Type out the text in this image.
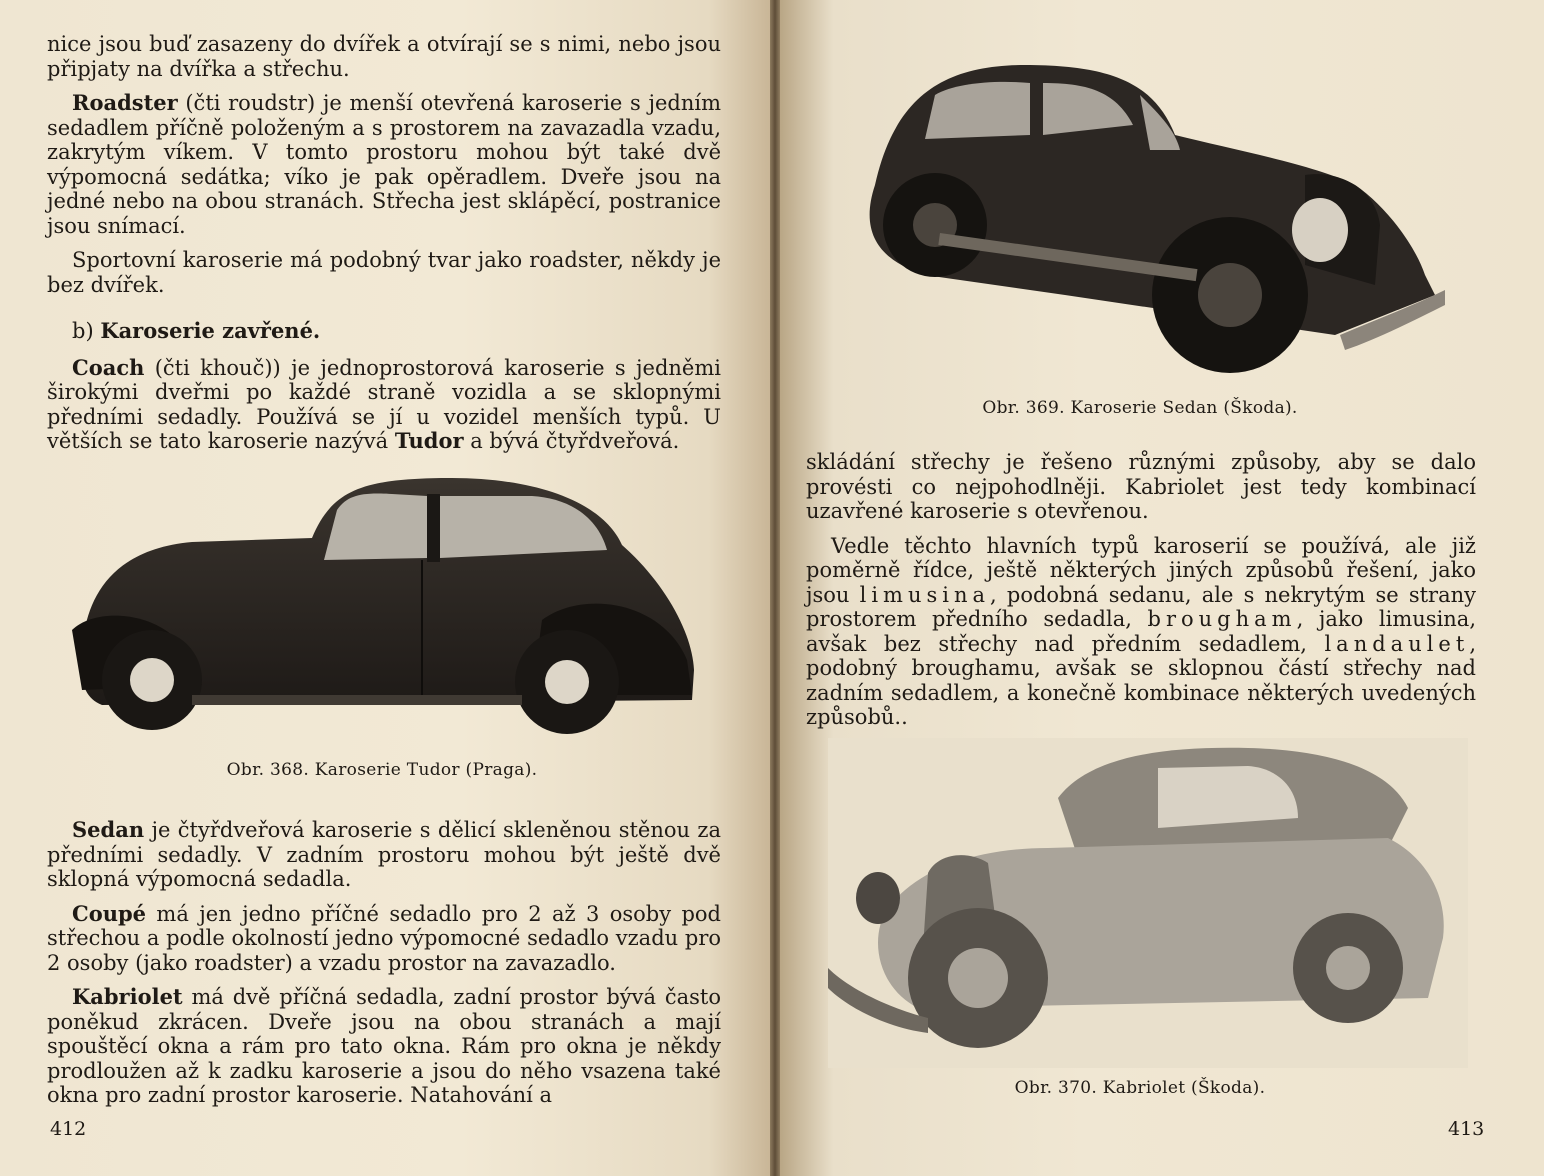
nice jsou buď zasazeny do dvířek a otvírají se s nimi, nebo jsou připjaty na dvířka a střechu.

Roadster (čti roudstr) je menší otevřená karoserie s jedním sedadlem příčně položeným a s prostorem na zavazadla vzadu, zakrytým víkem. V tomto prostoru mohou být také dvě výpomocná sedátka; víko je pak opěradlem. Dveře jsou na jedné nebo na obou stranách. Střecha jest sklápěcí, postranice jsou snímací.

Sportovní karoserie má podobný tvar jako roadster, někdy je bez dvířek.

b) Karoserie zavřené.

Coach (čti khouč)) je jednoprostorová karoserie s jedněmi širokými dveřmi po každé straně vozidla a se sklopnými předními sedadly. Používá se jí u vozidel menších typů. U větších se tato karoserie nazývá Tudor a bývá čtyřdveřová.

Obr. 368. Karoserie Tudor (Praga).

Sedan je čtyřdveřová karoserie s dělicí skleněnou stěnou za předními sedadly. V zadním prostoru mohou být ještě dvě sklopná výpomocná sedadla.

Coupé má jen jedno příčné sedadlo pro 2 až 3 osoby pod střechou a podle okolností jedno výpomocné sedadlo vzadu pro 2 osoby (jako roadster) a vzadu prostor na zavazadlo.

Kabriolet má dvě příčná sedadla, zadní prostor bývá často poněkud zkrácen. Dveře jsou na obou stranách a mají spouštěcí okna a rám pro tato okna. Rám pro okna je někdy prodloužen až k zadku karoserie a jsou do něho vsazena také okna pro zadní prostor karoserie. Natahování a

412
Obr. 369. Karoserie Sedan (Škoda).

skládání střechy je řešeno různými způsoby, aby se dalo provésti co nejpohodlněji. Kabriolet jest tedy kombinací uzavřené karoserie s otevřenou.

Vedle těchto hlavních typů karoserií se používá, ale již poměrně řídce, ještě některých jiných způsobů řešení, jako jsou limusina, podobná sedanu, ale s nekrytým se strany prostorem předního sedadla, brougham, jako limusina, avšak bez střechy nad předním sedadlem, landaulet, podobný broughamu, avšak se sklopnou částí střechy nad zadním sedadlem, a konečně kombinace některých uvedených způsobů..

Obr. 370. Kabriolet (Škoda).
413
